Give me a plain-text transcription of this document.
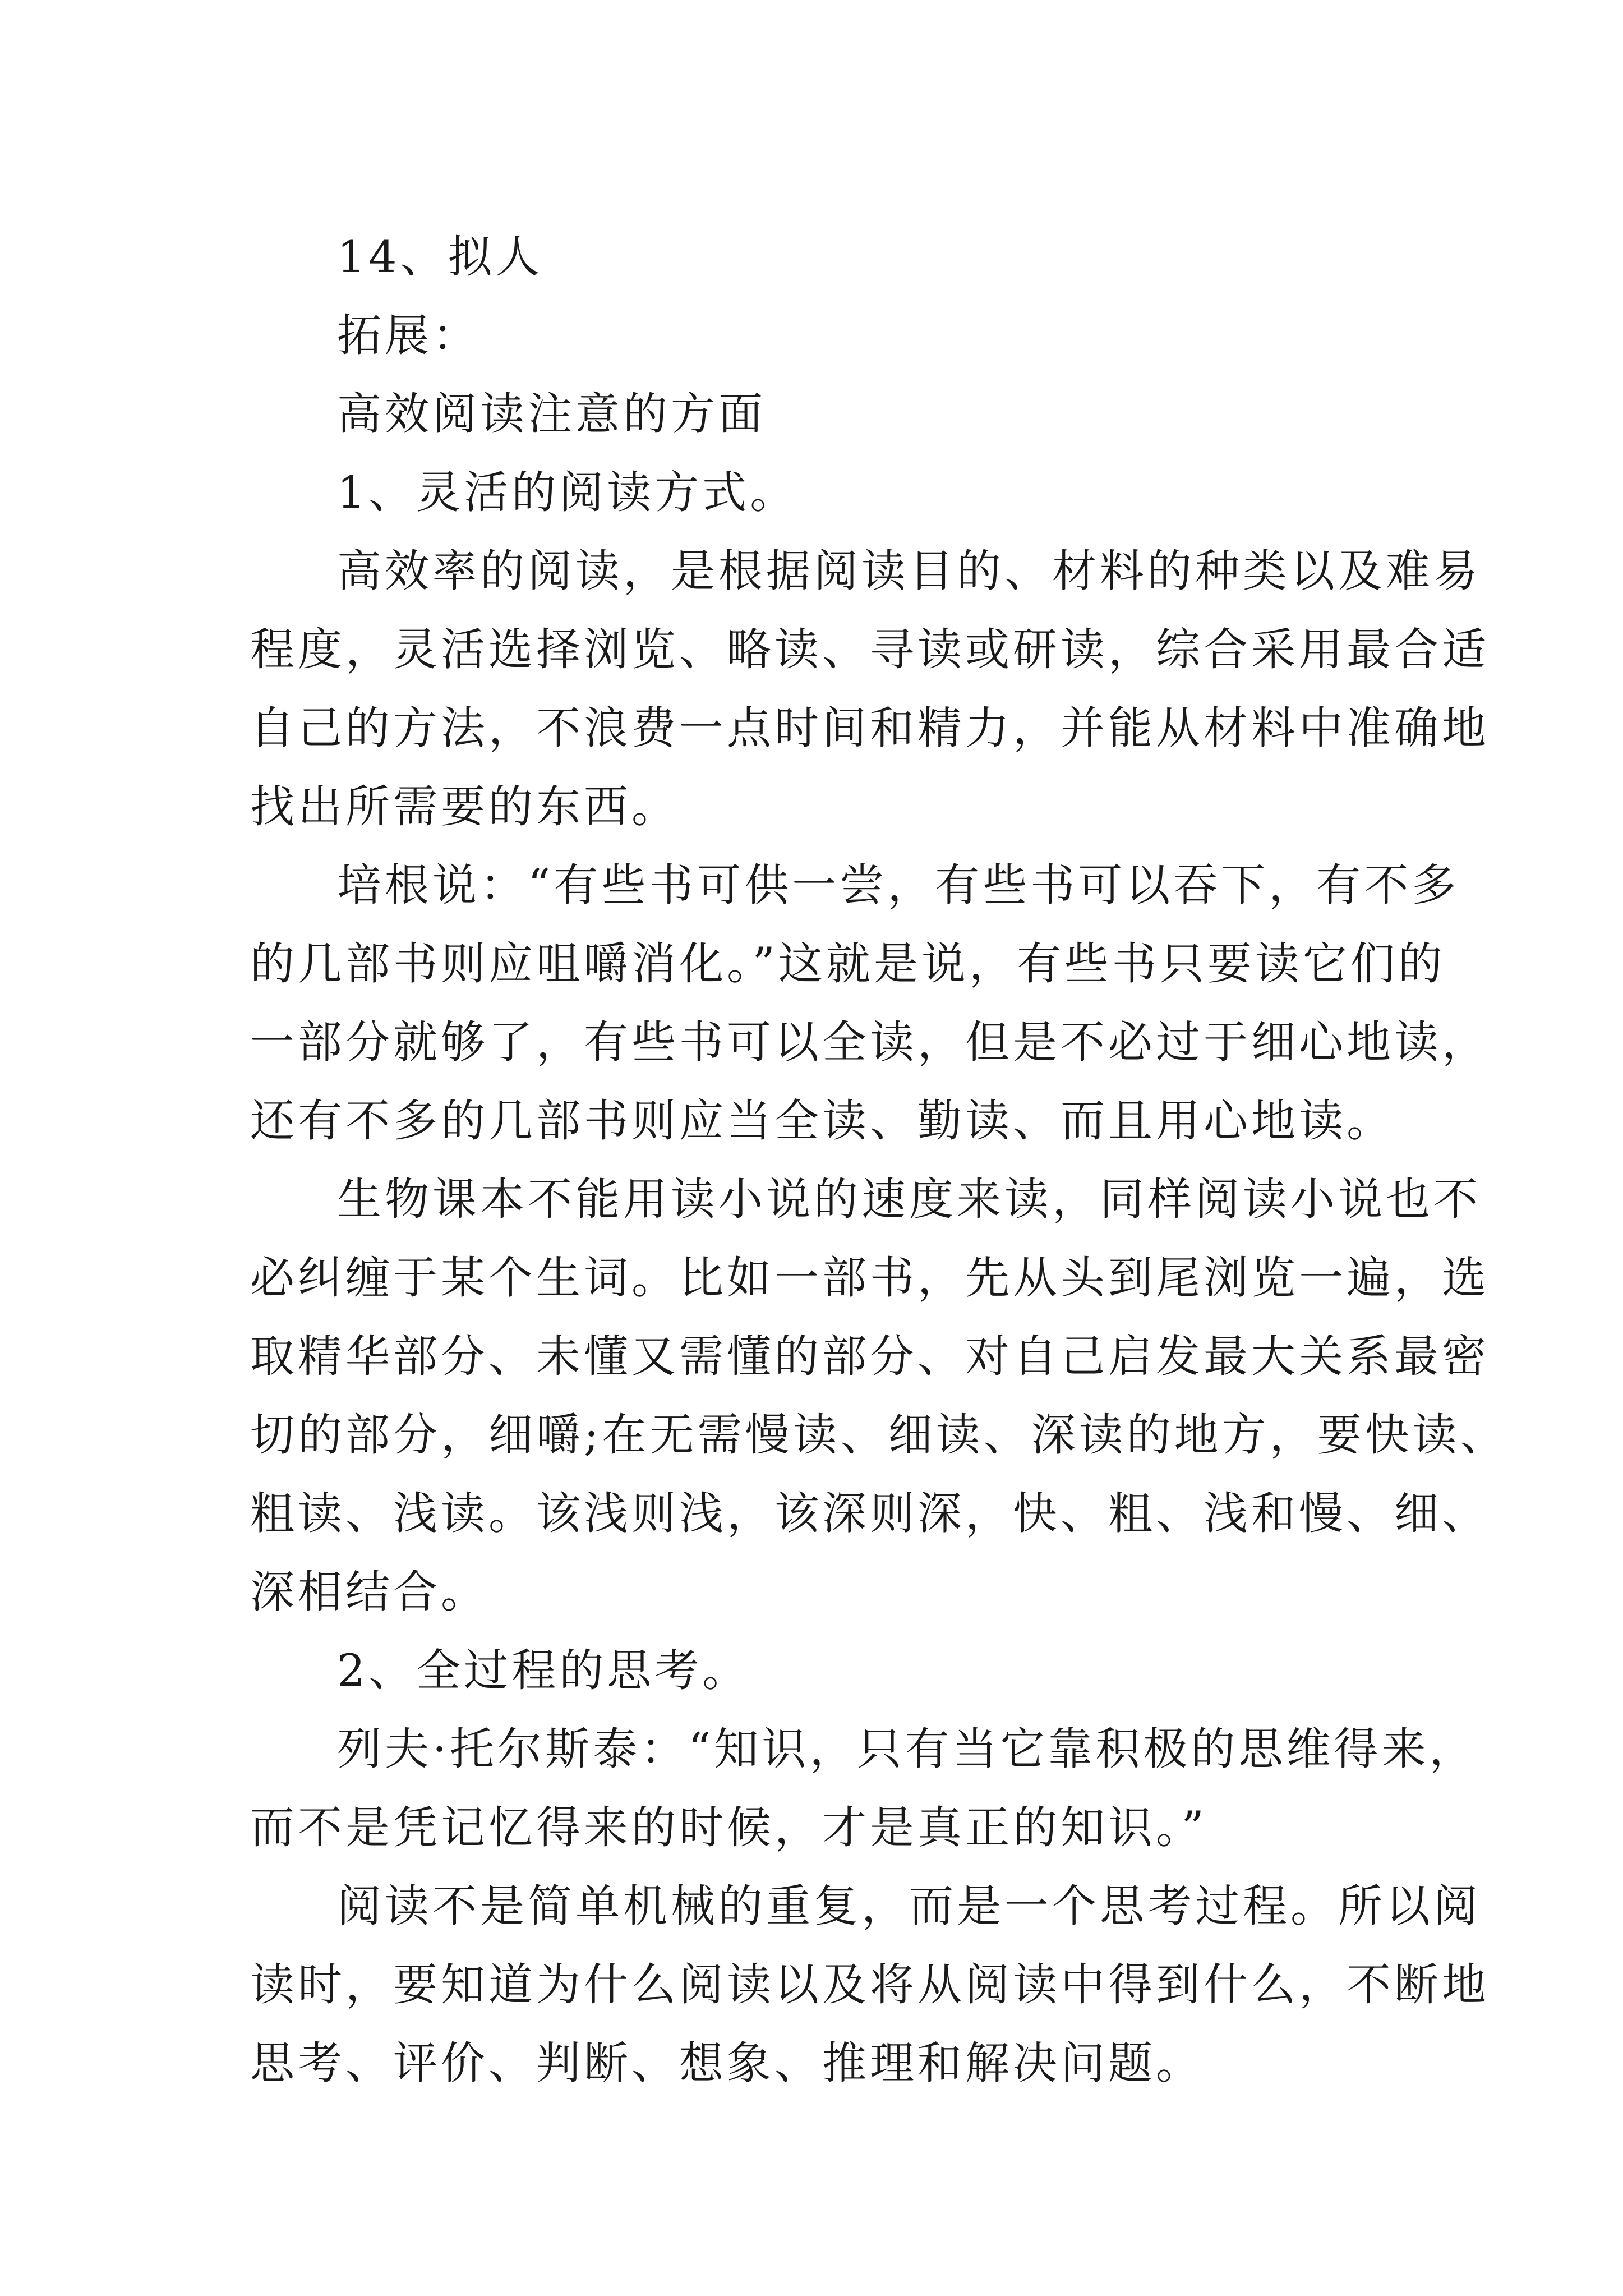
14、拟人
拓展：
高效阅读注意的方面
1、灵活的阅读方式。
高效率的阅读，是根据阅读目的、材料的种类以及难易
程度，灵活选择浏览、略读、寻读或研读，综合采用最合适
自己的方法，不浪费一点时间和精力，并能从材料中准确地
找出所需要的东西。
培根说：“有些书可供一尝，有些书可以吞下，有不多
的几部书则应咀嚼消化。”这就是说，有些书只要读它们的
一部分就够了，有些书可以全读，但是不必过于细心地读，
还有不多的几部书则应当全读、勤读、而且用心地读。
生物课本不能用读小说的速度来读，同样阅读小说也不
必纠缠于某个生词。比如一部书，先从头到尾浏览一遍，选
取精华部分、未懂又需懂的部分、对自己启发最大关系最密
切的部分，细嚼;在无需慢读、细读、深读的地方，要快读、
粗读、浅读。该浅则浅，该深则深，快、粗、浅和慢、细、
深相结合。
2、全过程的思考。
列夫·托尔斯泰：“知识，只有当它靠积极的思维得来，
而不是凭记忆得来的时候，才是真正的知识。”
阅读不是简单机械的重复，而是一个思考过程。所以阅
读时，要知道为什么阅读以及将从阅读中得到什么，不断地
思考、评价、判断、想象、推理和解决问题。
